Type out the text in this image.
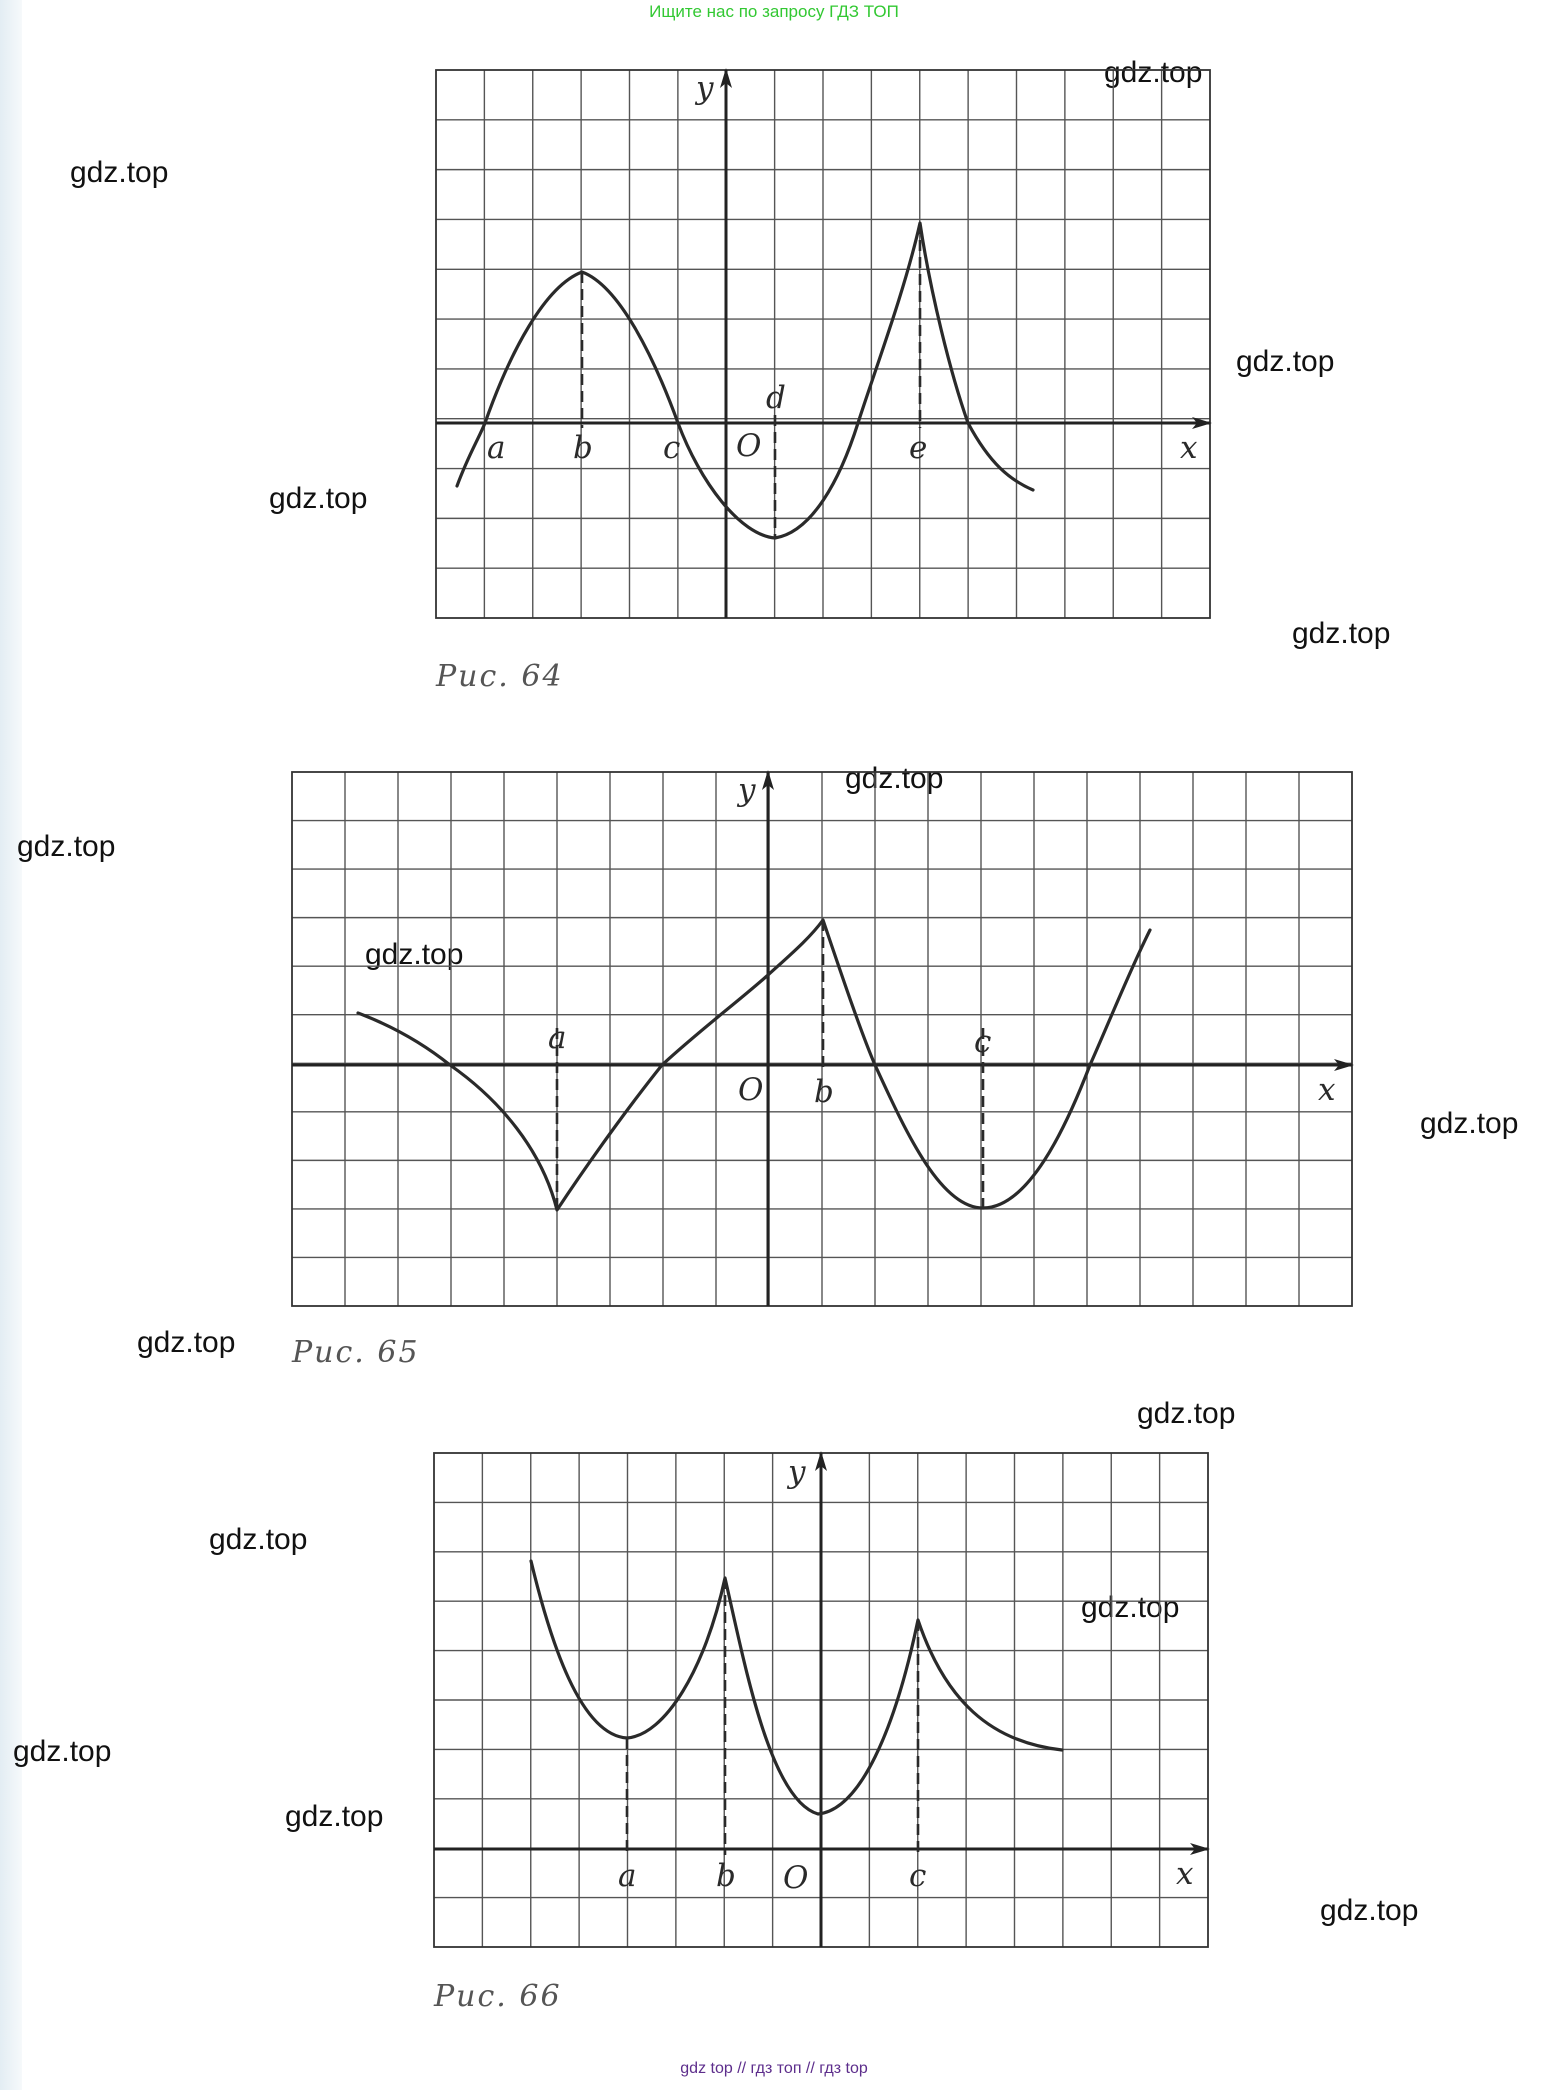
Ищите нас по запросу ГДЗ ТОП
gdz.top
gdz.top
gdz.top
gdz.top
gdz.top
gdz.top
gdz.top
gdz.top
gdz.top
gdz.top
gdz.top
gdz.top
gdz.top
gdz.top
gdz.top
gdz.top
y
x
O
a b c
d
e
Рис. 64
y
x
O
a
b
c
Рис. 65
y
x
O
a	b	c
Рис. 66
gdz top // гдз топ // гдз top
